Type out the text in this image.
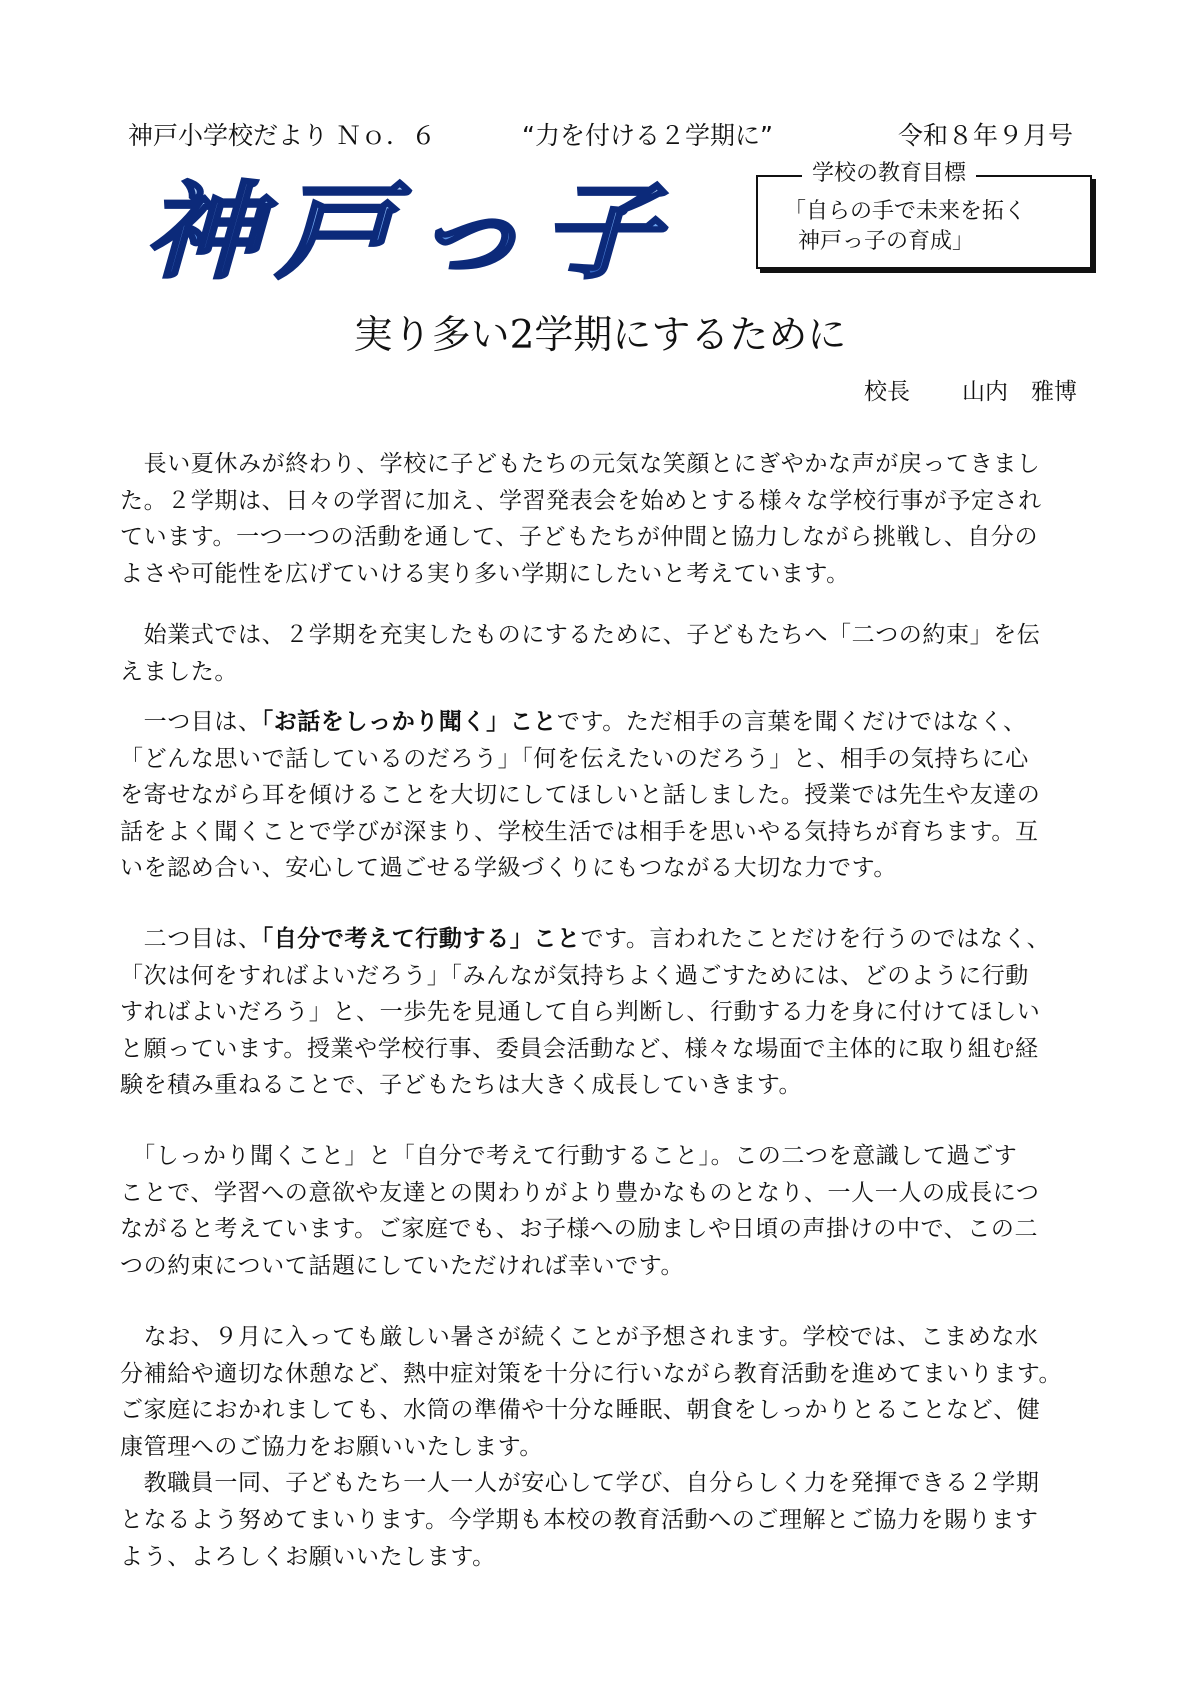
神戸小学校だより Ｎｏ．６	“力を付ける２学期に”	令和８年９月号
神戸っ子	学校の教育目標
「自らの手で未来を拓く
神戸っ子の育成」
実り多い2学期にするために
校長 山内　雅博
　長い夏休みが終わり、学校に子どもたちの元気な笑顔とにぎやかな声が戻ってきまし
た。２学期は、日々の学習に加え、学習発表会を始めとする様々な学校行事が予定され
ています。一つ一つの活動を通して、子どもたちが仲間と協力しながら挑戦し、自分の
よさや可能性を広げていける実り多い学期にしたいと考えています。
　始業式では、２学期を充実したものにするために、子どもたちへ「二つの約束」を伝
えました。
　一つ目は、「お話をしっかり聞く」ことです。ただ相手の言葉を聞くだけではなく、
「どんな思いで話しているのだろう」「何を伝えたいのだろう」と、相手の気持ちに心
を寄せながら耳を傾けることを大切にしてほしいと話しました。授業では先生や友達の
話をよく聞くことで学びが深まり、学校生活では相手を思いやる気持ちが育ちます。互
いを認め合い、安心して過ごせる学級づくりにもつながる大切な力です。
　二つ目は、「自分で考えて行動する」ことです。言われたことだけを行うのではなく、
「次は何をすればよいだろう」「みんなが気持ちよく過ごすためには、どのように行動
すればよいだろう」と、一歩先を見通して自ら判断し、行動する力を身に付けてほしい
と願っています。授業や学校行事、委員会活動など、様々な場面で主体的に取り組む経
験を積み重ねることで、子どもたちは大きく成長していきます。
　「しっかり聞くこと」と「自分で考えて行動すること」。この二つを意識して過ごす
ことで、学習への意欲や友達との関わりがより豊かなものとなり、一人一人の成長につ
ながると考えています。ご家庭でも、お子様への励ましや日頃の声掛けの中で、この二
つの約束について話題にしていただければ幸いです。
　なお、９月に入っても厳しい暑さが続くことが予想されます。学校では、こまめな水
分補給や適切な休憩など、熱中症対策を十分に行いながら教育活動を進めてまいります。
ご家庭におかれましても、水筒の準備や十分な睡眠、朝食をしっかりとることなど、健
康管理へのご協力をお願いいたします。
　教職員一同、子どもたち一人一人が安心して学び、自分らしく力を発揮できる２学期
となるよう努めてまいります。今学期も本校の教育活動へのご理解とご協力を賜ります
よう、よろしくお願いいたします。
